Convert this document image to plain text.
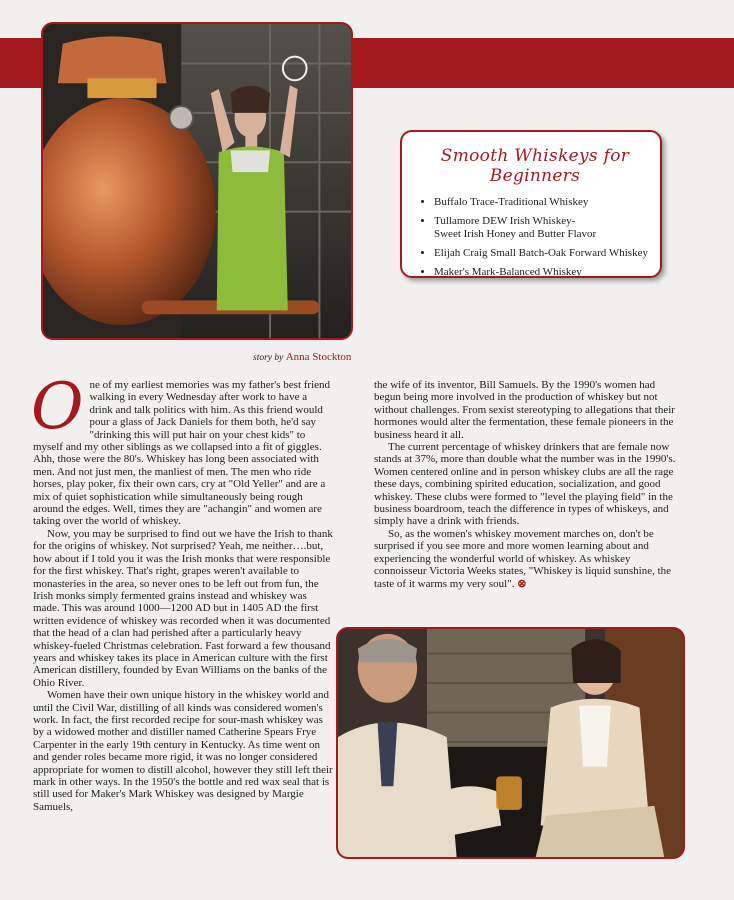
Smooth Whiskeys for Beginners
• Buffalo Trace-Traditional Whiskey
• Tullamore DEW Irish Whiskey-
Sweet Irish Honey and Butter Flavor
• Elijah Craig Small Batch-Oak Forward Whiskey
• Maker's Mark-Balanced Whiskey
story by Anna Stockton

One of my earliest memories was my father's best friend walking in every Wednesday after work to have a drink and talk politics with him. As this friend would pour a glass of Jack Daniels for them both, he'd say "drinking this will put hair on your chest kids" to myself and my other siblings as we collapsed into a fit of giggles. Ahh, those were the 80's. Whiskey has long been associated with men. And not just men, the manliest of men. The men who ride horses, play poker, fix their own cars, cry at "Old Yeller" and are a mix of quiet sophistication while simultaneously being rough around the edges. Well, times they are "achangin" and women are taking over the world of whiskey.

Now, you may be surprised to find out we have the Irish to thank for the origins of whiskey. Not surprised? Yeah, me neither….but, how about if I told you it was the Irish monks that were responsible for the first whiskey. That's right, grapes weren't available to monasteries in the area, so never ones to be left out from fun, the Irish monks simply fermented grains instead and whiskey was made. This was around 1000—1200 AD but in 1405 AD the first written evidence of whiskey was recorded when it was documented that the head of a clan had perished after a particularly heavy whiskey-fueled Christmas celebration. Fast forward a few thousand years and whiskey takes its place in American culture with the first American distillery, founded by Evan Williams on the banks of the Ohio River.

Women have their own unique history in the whiskey world and until the Civil War, distilling of all kinds was considered women's work. In fact, the first recorded recipe for sour-mash whiskey was by a widowed mother and distiller named Catherine Spears Frye Carpenter in the early 19th century in Kentucky. As time went on and gender roles became more rigid, it was no longer considered appropriate for women to distill alcohol, however they still left their mark in other ways. In the 1950's the bottle and red wax seal that is still used for Maker's Mark Whiskey was designed by Margie Samuels,

the wife of its inventor, Bill Samuels. By the 1990's women had begun being more involved in the production of whiskey but not without challenges. From sexist stereotyping to allegations that their hormones would alter the fermentation, these female pioneers in the business heard it all.

The current percentage of whiskey drinkers that are female now stands at 37%, more than double what the number was in the 1990's. Women centered online and in person whiskey clubs are all the rage these days, combining spirited education, socialization, and good whiskey. These clubs were formed to "level the playing field" in the business boardroom, teach the difference in types of whiskeys, and simply have a drink with friends.

So, as the women's whiskey movement marches on, don't be surprised if you see more and more women learning about and experiencing the wonderful world of whiskey. As whiskey connoisseur Victoria Weeks states, "Whiskey is liquid sunshine, the taste of it warms my very soul". ⊗
